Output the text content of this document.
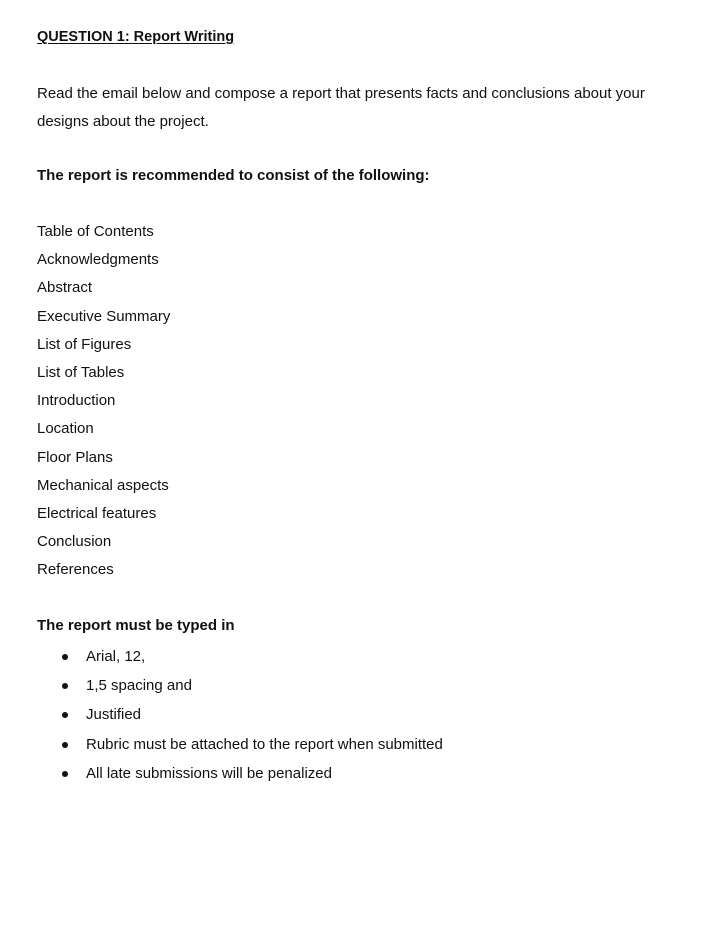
QUESTION 1: Report Writing

Read the email below and compose a report that presents facts and conclusions about your designs about the project.

The report is recommended to consist of the following:

Table of Contents
Acknowledgments
Abstract
Executive Summary
List of Figures
List of Tables
Introduction
Location
Floor Plans
Mechanical aspects
Electrical features
Conclusion
References

The report must be typed in

Arial, 12,
1,5 spacing and
Justified
Rubric must be attached to the report when submitted
All late submissions will be penalized
